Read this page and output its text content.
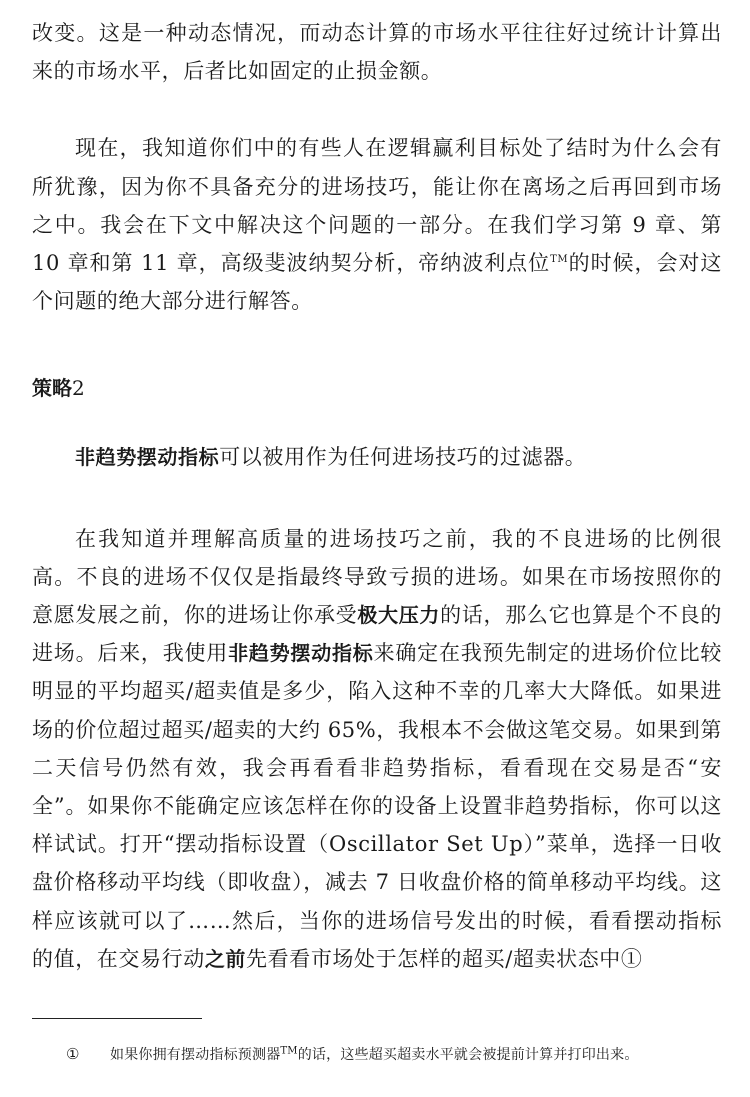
改变。这是一种动态情况，而动态计算的市场水平往往好过统计计算出来的市场水平，后者比如固定的止损金额。

现在，我知道你们中的有些人在逻辑赢利目标处了结时为什么会有所犹豫，因为你不具备充分的进场技巧，能让你在离场之后再回到市场之中。我会在下文中解决这个问题的一部分。在我们学习第 9 章、第 10 章和第 11 章，高级斐波纳契分析，帝纳波利点位™的时候，会对这个问题的绝大部分进行解答。

策略2

非趋势摆动指标可以被用作为任何进场技巧的过滤器。

在我知道并理解高质量的进场技巧之前，我的不良进场的比例很高。不良的进场不仅仅是指最终导致亏损的进场。如果在市场按照你的意愿发展之前，你的进场让你承受极大压力的话，那么它也算是个不良的进场。后来，我使用非趋势摆动指标来确定在我预先制定的进场价位比较明显的平均超买/超卖值是多少，陷入这种不幸的几率大大降低。如果进场的价位超过超买/超卖的大约 65%，我根本不会做这笔交易。如果到第二天信号仍然有效，我会再看看非趋势指标，看看现在交易是否“安全”。如果你不能确定应该怎样在你的设备上设置非趋势指标，你可以这样试试。打开“摆动指标设置（Oscillator Set Up）”菜单，选择一日收盘价格移动平均线（即收盘），减去 7 日收盘价格的简单移动平均线。这样应该就可以了……然后，当你的进场信号发出的时候，看看摆动指标的值，在交易行动之前先看看市场处于怎样的超买/超卖状态中①

① 如果你拥有摆动指标预测器™的话，这些超买超卖水平就会被提前计算并打印出来。
